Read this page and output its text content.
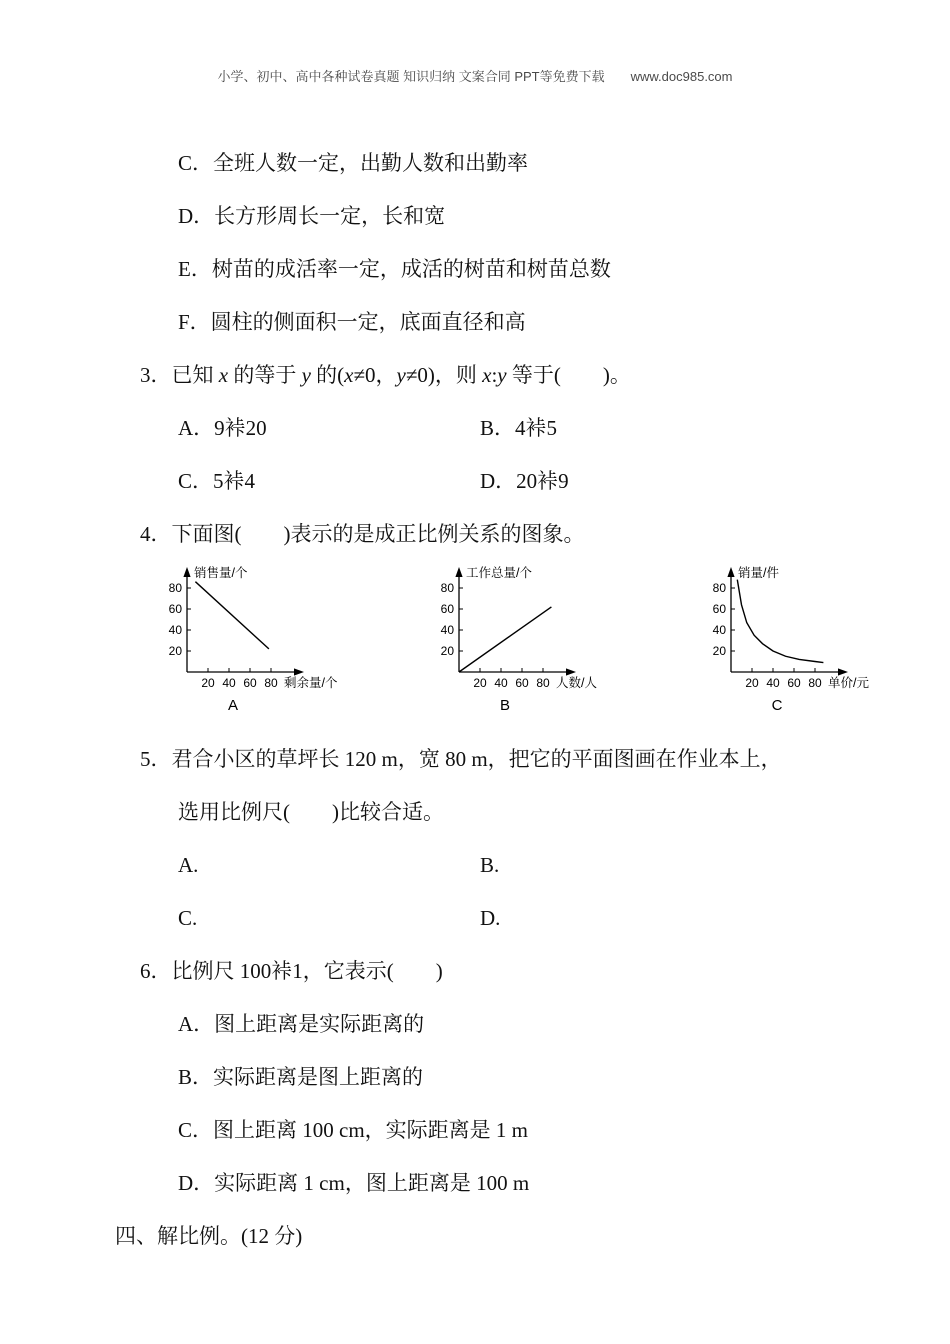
小学、初中、高中各种试卷真题 知识归纳 文案合同 PPT等免费下载 www.doc985.com
C．全班人数一定，出勤人数和出勤率
D．长方形周长一定，长和宽
E．树苗的成活率一定，成活的树苗和树苗总数
F．圆柱的侧面积一定，底面直径和高
3．已知 x 的等于 y 的(x≠0，y≠0)，则 x:y 等于(        )。
A．9裃20	B．4裃5
C．5裃4	D．20裃9
4．下面图(        )表示的是成正比例关系的图象。
20
40
60
80
20 40 60 80
销售量/个
剩余量/个
A
20
40
60
80
20 40 60 80
工作总量/个
人数/人
B
20
40
60
80
20 40 60 80
销量/件
单价/元
C
5．君合小区的草坪长 120 m，宽 80 m，把它的平面图画在作业本上，
选用比例尺(        )比较合适。
A.	B.
C.	D.
6．比例尺 100裃1，它表示(        )
A．图上距离是实际距离的
B．实际距离是图上距离的
C．图上距离 100 cm，实际距离是 1 m
D．实际距离 1 cm，图上距离是 100 m
四、解比例。(12 分)
